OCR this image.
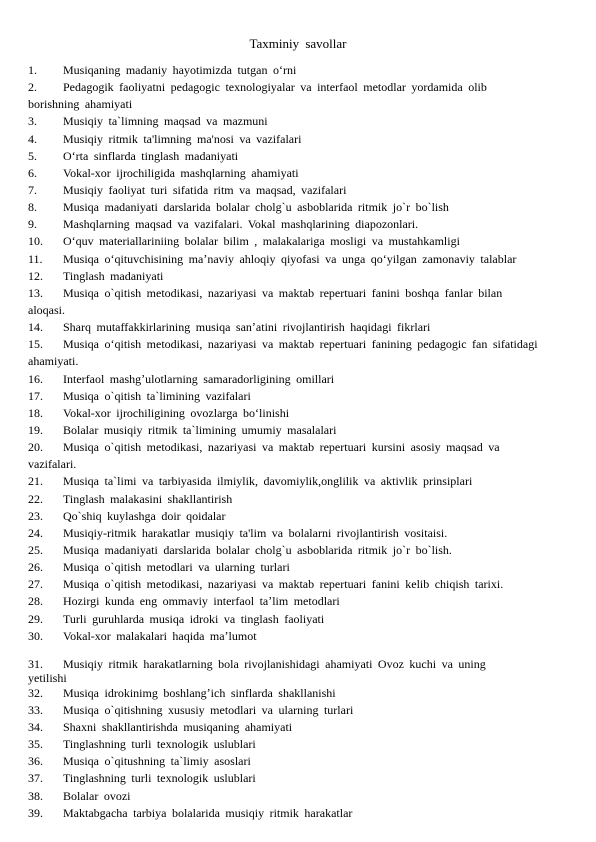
Taxminiy savollar
1. Musiqaning madaniy hayotimizda tutgan oʻrni
2. Pedagogik faoliyatni pedagogic texnologiyalar va interfaol metodlar yordamida olib
borishning ahamiyati
3. Musiqiy ta`limning maqsad va mazmuni
4. Musiqiy ritmik ta'limning ma'nosi va vazifalari
5. Oʻrta sinflarda tinglash madaniyati
6. Vokal-xor ijrochiligida mashqlarning ahamiyati
7. Musiqiy faoliyat turi sifatida ritm va maqsad, vazifalari
8. Musiqa madaniyati darslarida bolalar cholg`u asboblarida ritmik jo`r bo`lish
9. Mashqlarning maqsad va vazifalari. Vokal mashqlarining diapozonlari.
10. Oʻquv materiallariniing bolalar bilim , malakalariga mosligi va mustahkamligi
11. Musiqa oʻqituvchisining maʼnaviy ahloqiy qiyofasi va unga qoʻyilgan zamonaviy talablar
12. Tinglash madaniyati
13. Musiqa o`qitish metodikasi, nazariyasi va maktab repertuari fanini boshqa fanlar bilan
aloqasi.
14. Sharq mutaffakkirlarining musiqa sanʼatini rivojlantirish haqidagi fikrlari
15. Musiqa oʻqitish metodikasi, nazariyasi va maktab repertuari fanining pedagogic fan sifatidagi
ahamiyati.
16. Interfaol mashgʼulotlarning samaradorligining omillari
17. Musiqa o`qitish ta`limining vazifalari
18. Vokal-xor ijrochiligining ovozlarga boʻlinishi
19. Bolalar musiqiy ritmik ta`limining umumiy masalalari
20. Musiqa o`qitish metodikasi, nazariyasi va maktab repertuari kursini asosiy maqsad va
vazifalari.
21. Musiqa ta`limi va tarbiyasida ilmiylik, davomiylik,onglilik va aktivlik prinsiplari
22. Tinglash malakasini shakllantirish
23. Qo`shiq kuylashga doir qoidalar
24. Musiqiy-ritmik harakatlar musiqiy ta'lim va bolalarni rivojlantirish vositaisi.
25. Musiqa madaniyati darslarida bolalar cholg`u asboblarida ritmik jo`r bo`lish.
26. Musiqa o`qitish metodlari va ularning turlari
27. Musiqa o`qitish metodikasi, nazariyasi va maktab repertuari fanini kelib chiqish tarixi.
28. Hozirgi kunda eng ommaviy interfaol taʼlim metodlari
29. Turli guruhlarda musiqa idroki va tinglash faoliyati
30. Vokal-xor malakalari haqida maʼlumot
31. Musiqiy ritmik harakatlarning bola rivojlanishidagi ahamiyati Ovoz kuchi va uning
yetilishi
32. Musiqa idrokinimg boshlangʼich sinflarda shakllanishi
33. Musiqa o`qitishning xususiy metodlari va ularning turlari
34. Shaxni shakllantirishda musiqaning ahamiyati
35. Tinglashning turli texnologik uslublari
36. Musiqa o`qitushning ta`limiy asoslari
37. Tinglashning turli texnologik uslublari
38. Bolalar ovozi
39. Maktabgacha tarbiya bolalarida musiqiy ritmik harakatlar
